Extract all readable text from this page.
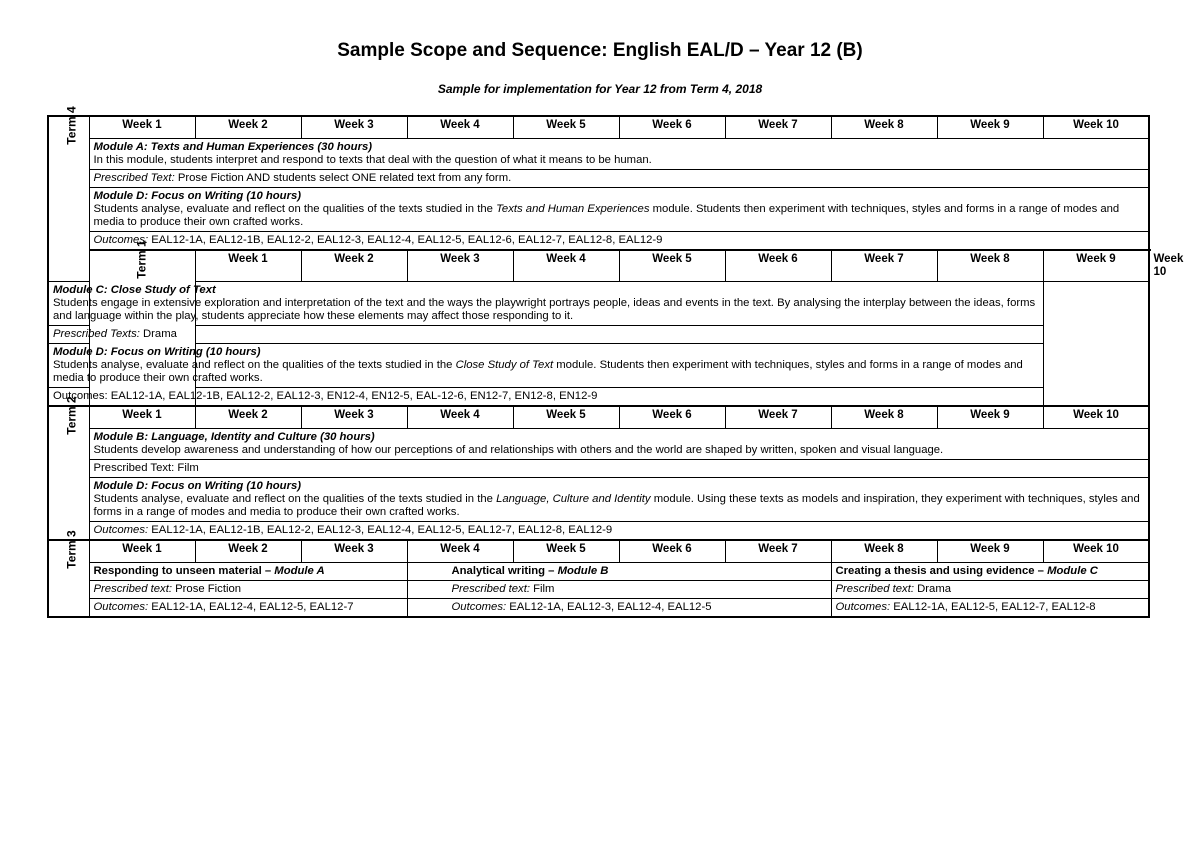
Sample Scope and Sequence: English EAL/D – Year 12 (B)
Sample for implementation for Year 12 from Term 4, 2018
Term 4	Week 1	Week 2	Week 3	Week 4	Week 5	Week 6	Week 7	Week 8	Week 9	Week 10	

	Module A: Texts and Human Experiences (30 hours)
In this module, students interpret and respond to texts that deal with the question of what it means to be human.										

	Prescribed Text: Prose Fiction AND students select ONE related text from any form.										

	Module D: Focus on Writing (10 hours)
Students analyse, evaluate and reflect on the qualities of the texts studied in the Texts and Human Experiences module. Students then experiment with techniques, styles and forms in a range of modes and media to produce their own crafted works.										

	Outcomes: EAL12-1A, EAL12-1B, EAL12-2, EAL12-3, EAL12-4, EAL12-5, EAL12-6, EAL12-7, EAL12-8, EAL12-9										
	Term 1	Week 1	Week 2	Week 3	Week 4	Week 5	Week 6	Week 7	Week 8	Week 9	Week 10

Module C: Close Study of Text
Students engage in extensive exploration and interpretation of the text and the ways the playwright portrays people, ideas and events in the text. By analysing the interplay between the ideas, forms and language within the play, students appreciate how these elements may affect those responding to it.											

Prescribed Texts: Drama											

Module D: Focus on Writing (10 hours)
Students analyse, evaluate and reflect on the qualities of the texts studied in the Close Study of Text module. Students then experiment with techniques, styles and forms in a range of modes and media to produce their own crafted works.											

Outcomes: EAL12-1A, EAL12-1B, EAL12-2, EAL12-3, EN12-4, EN12-5, EAL-12-6, EN12-7, EN12-8, EN12-9											
Term 2	Week 1	Week 2	Week 3	Week 4	Week 5	Week 6	Week 7	Week 8	Week 9	Week 10	

	Module B: Language, Identity and Culture (30 hours)
Students develop awareness and understanding of how our perceptions of and relationships with others and the world are shaped by written, spoken and visual language.										

	Prescribed Text: Film										

	Module D: Focus on Writing (10 hours)
Students analyse, evaluate and reflect on the qualities of the texts studied in the Language, Culture and Identity module. Using these texts as models and inspiration, they experiment with techniques, styles and forms in a range of modes and media to produce their own crafted works.										

	Outcomes: EAL12-1A, EAL12-1B, EAL12-2, EAL12-3, EAL12-4, EAL12-5, EAL12-7, EAL12-8, EAL12-9										
Term 3	Week 1	Week 2	Week 3	Week 4	Week 5	Week 6	Week 7	Week 8	Week 9	Week 10	
	Responding to unseen material – Module A			Analytical writing – Module B				Creating a thesis and using evidence – Module C			
	Prescribed text: Prose Fiction			Prescribed text: Film				Prescribed text: Drama			
	Outcomes: EAL12-1A, EAL12-4, EAL12-5, EAL12-7			Outcomes: EAL12-1A, EAL12-3, EAL12-4, EAL12-5				Outcomes: EAL12-1A, EAL12-5, EAL12-7, EAL12-8			
